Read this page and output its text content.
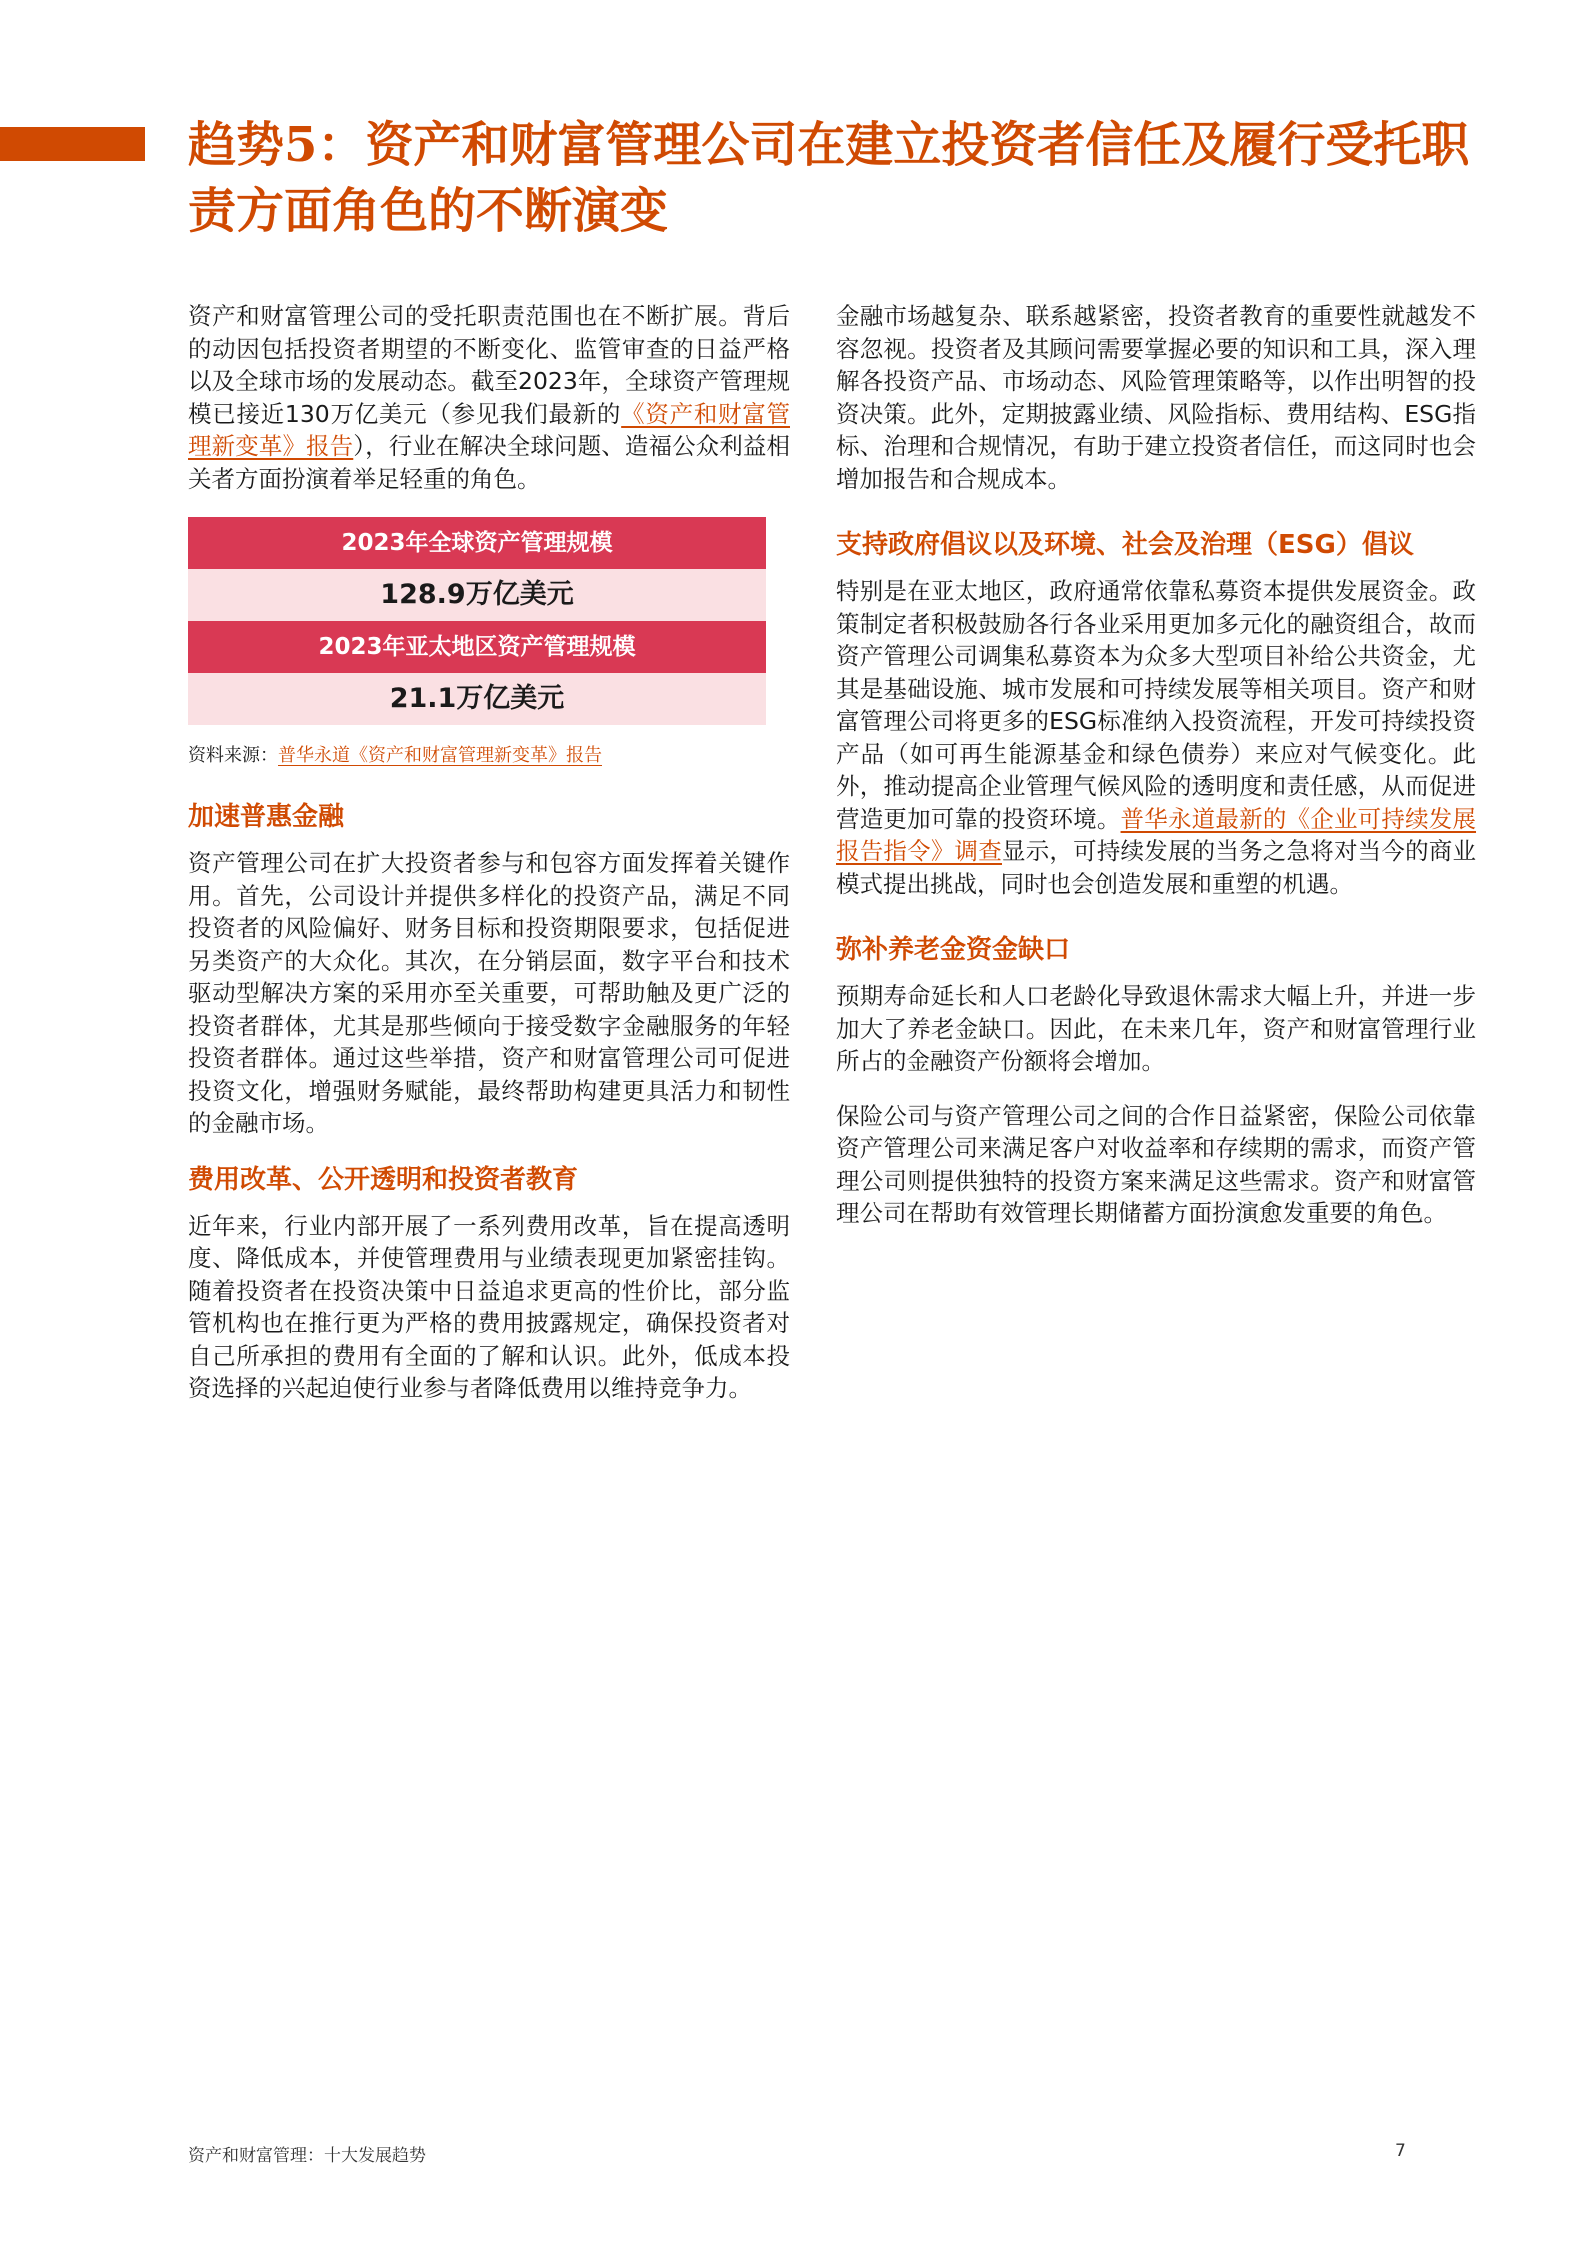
趋势5：资产和财富管理公司在建立投资者信任及履行受托职责方面角色的不断演变

资产和财富管理公司的受托职责范围也在不断扩展。背后的动因包括投资者期望的不断变化、监管审查的日益严格以及全球市场的发展动态。截至2023年，全球资产管理规模已接近130万亿美元（参见我们最新的《资产和财富管理新变革》报告），行业在解决全球问题、造福公众利益相关者方面扮演着举足轻重的角色。

2023年全球资产管理规模
128.9万亿美元
2023年亚太地区资产管理规模
21.1万亿美元
资料来源：普华永道《资产和财富管理新变革》报告
加速普惠金融

资产管理公司在扩大投资者参与和包容方面发挥着关键作用。首先，公司设计并提供多样化的投资产品，满足不同投资者的风险偏好、财务目标和投资期限要求，包括促进另类资产的大众化。其次，在分销层面，数字平台和技术驱动型解决方案的采用亦至关重要，可帮助触及更广泛的投资者群体，尤其是那些倾向于接受数字金融服务的年轻投资者群体。通过这些举措，资产和财富管理公司可促进投资文化，增强财务赋能，最终帮助构建更具活力和韧性的金融市场。

费用改革、公开透明和投资者教育

近年来，行业内部开展了一系列费用改革，旨在提高透明度、降低成本，并使管理费用与业绩表现更加紧密挂钩。随着投资者在投资决策中日益追求更高的性价比，部分监管机构也在推行更为严格的费用披露规定，确保投资者对自己所承担的费用有全面的了解和认识。此外，低成本投资选择的兴起迫使行业参与者降低费用以维持竞争力。

金融市场越复杂、联系越紧密，投资者教育的重要性就越发不容忽视。投资者及其顾问需要掌握必要的知识和工具，深入理解各投资产品、市场动态、风险管理策略等，以作出明智的投资决策。此外，定期披露业绩、风险指标、费用结构、ESG指标、治理和合规情况，有助于建立投资者信任，而这同时也会增加报告和合规成本。

支持政府倡议以及环境、社会及治理（ESG）倡议

特别是在亚太地区，政府通常依靠私募资本提供发展资金。政策制定者积极鼓励各行各业采用更加多元化的融资组合，故而资产管理公司调集私募资本为众多大型项目补给公共资金，尤其是基础设施、城市发展和可持续发展等相关项目。资产和财富管理公司将更多的ESG标准纳入投资流程，开发可持续投资产品（如可再生能源基金和绿色债券）来应对气候变化。此外，推动提高企业管理气候风险的透明度和责任感，从而促进营造更加可靠的投资环境。普华永道最新的《企业可持续发展报告指令》调查显示，可持续发展的当务之急将对当今的商业模式提出挑战，同时也会创造发展和重塑的机遇。

弥补养老金资金缺口

预期寿命延长和人口老龄化导致退休需求大幅上升，并进一步加大了养老金缺口。因此，在未来几年，资产和财富管理行业所占的金融资产份额将会增加。

保险公司与资产管理公司之间的合作日益紧密，保险公司依靠资产管理公司来满足客户对收益率和存续期的需求，而资产管理公司则提供独特的投资方案来满足这些需求。资产和财富管理公司在帮助有效管理长期储蓄方面扮演愈发重要的角色。

资产和财富管理：十大发展趋势	7
